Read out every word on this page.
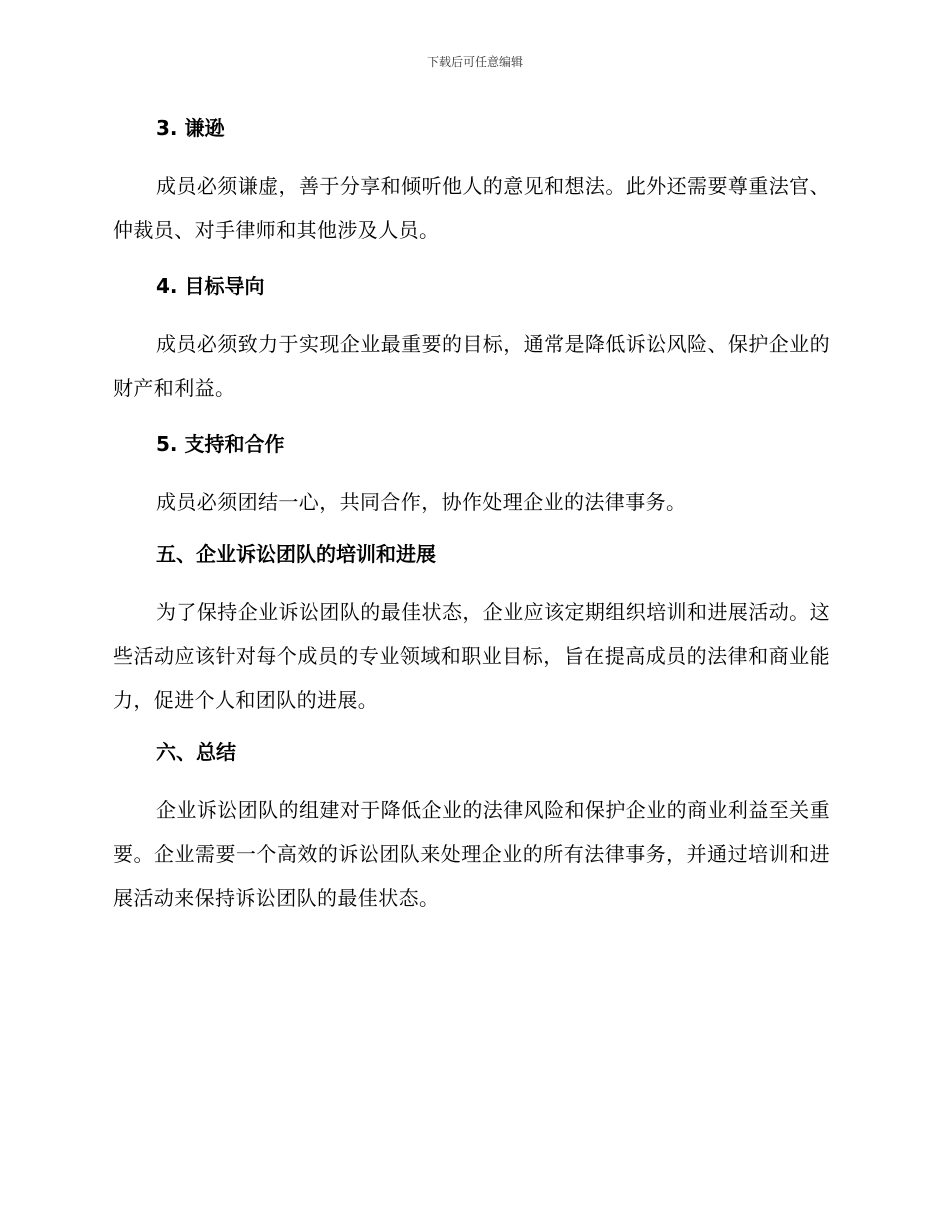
下载后可任意编辑
3. 谦逊

成员必须谦虚，善于分享和倾听他人的意见和想法。此外还需要尊重法官、仲裁员、对手律师和其他涉及人员。

4. 目标导向

成员必须致力于实现企业最重要的目标，通常是降低诉讼风险、保护企业的财产和利益。

5. 支持和合作

成员必须团结一心，共同合作，协作处理企业的法律事务。

五、企业诉讼团队的培训和进展

为了保持企业诉讼团队的最佳状态，企业应该定期组织培训和进展活动。这些活动应该针对每个成员的专业领域和职业目标，旨在提高成员的法律和商业能力，促进个人和团队的进展。

六、总结

企业诉讼团队的组建对于降低企业的法律风险和保护企业的商业利益至关重要。企业需要一个高效的诉讼团队来处理企业的所有法律事务，并通过培训和进展活动来保持诉讼团队的最佳状态。
